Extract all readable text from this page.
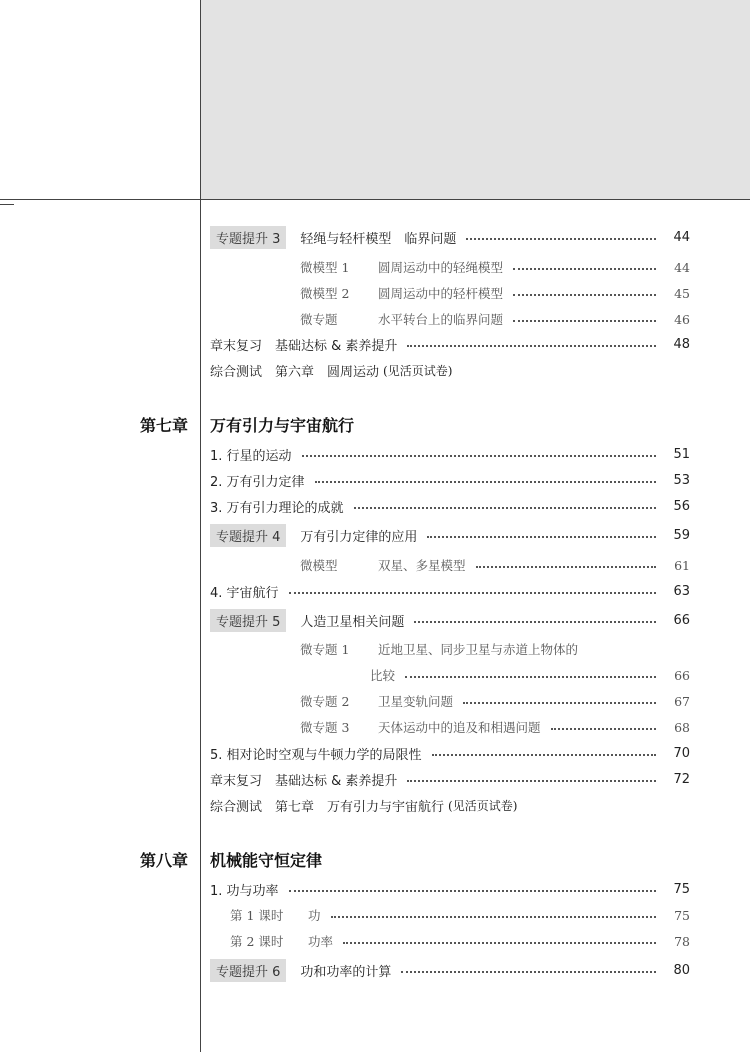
专题提升 3	轻绳与轻杆模型　临界问题	44
微模型 1	圆周运动中的轻绳模型	44
微模型 2	圆周运动中的轻杆模型	45
微专题	水平转台上的临界问题	46
章末复习　基础达标 & 素养提升	48
综合测试　第六章　圆周运动 (见活页试卷)
第七章 万有引力与宇宙航行
1. 行星的运动	51
2. 万有引力定律	53
3. 万有引力理论的成就	56
专题提升 4	万有引力定律的应用	59
微模型	双星、多星模型	61
4. 宇宙航行	63
专题提升 5	人造卫星相关问题	66
微专题 1	近地卫星、同步卫星与赤道上物体的
比较	66
微专题 2	卫星变轨问题	67
微专题 3	天体运动中的追及和相遇问题	68
5. 相对论时空观与牛顿力学的局限性	70
章末复习　基础达标 & 素养提升	72
综合测试　第七章　万有引力与宇宙航行 (见活页试卷)
第八章 机械能守恒定律
1. 功与功率	75
第 1 课时	功	75
第 2 课时	功率	78
专题提升 6	功和功率的计算	80
